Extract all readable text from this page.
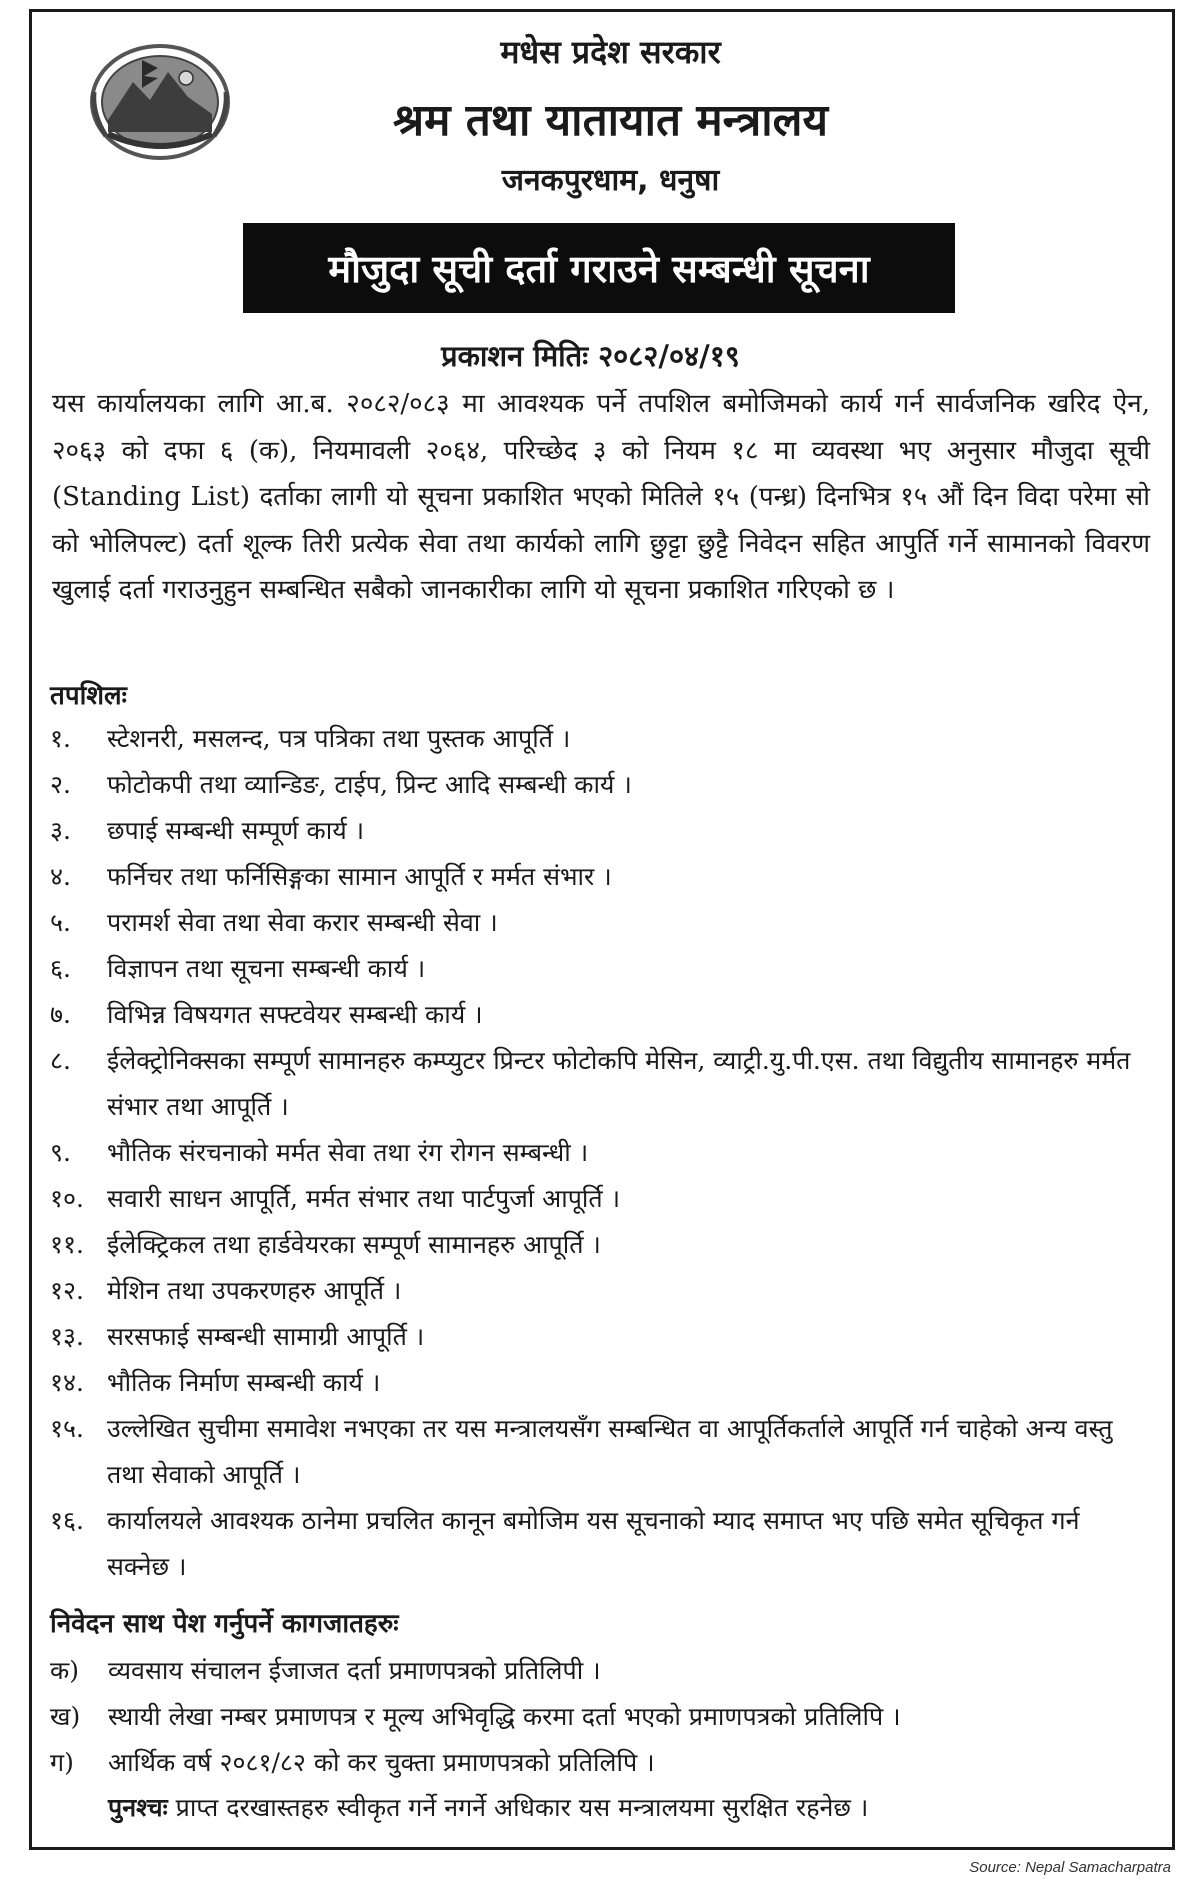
मधेस प्रदेश सरकार
श्रम तथा यातायात मन्त्रालय
जनकपुरधाम, धनुषा
मौजुदा सूची दर्ता गराउने सम्बन्धी सूचना
प्रकाशन मितिः २०८२/०४/१९
यस कार्यालयका लागि आ.ब. २०८२/०८३ मा आवश्यक पर्ने तपशिल बमोजिमको कार्य गर्न सार्वजनिक खरिद ऐन, २०६३ को दफा ६ (क), नियमावली २०६४, परिच्छेद ३ को नियम १८ मा व्यवस्था भए अनुसार मौजुदा सूची (Standing List) दर्ताका लागी यो सूचना प्रकाशित भएको मितिले १५ (पन्ध्र) दिनभित्र १५ औं दिन विदा परेमा सो को भोलिपल्ट) दर्ता शूल्क तिरी प्रत्येक सेवा तथा कार्यको लागि छुट्टा छुट्टै निवेदन सहित आपुर्ति गर्ने सामानको विवरण खुलाई दर्ता गराउनुहुन सम्बन्धित सबैको जानकारीका लागि यो सूचना प्रकाशित गरिएको छ ।
तपशिलः
१.	स्टेशनरी, मसलन्द, पत्र पत्रिका तथा पुस्तक आपूर्ति ।
२.	फोटोकपी तथा व्यान्डिङ, टाईप, प्रिन्ट आदि सम्बन्धी कार्य ।
३.	छपाई सम्बन्धी सम्पूर्ण कार्य ।
४.	फर्निचर तथा फर्निसिङ्गका सामान आपूर्ति र मर्मत संभार ।
५.	परामर्श सेवा तथा सेवा करार सम्बन्धी सेवा ।
६.	विज्ञापन तथा सूचना सम्बन्धी कार्य ।
७.	विभिन्न विषयगत सफ्टवेयर सम्बन्धी कार्य ।
८.	ईलेक्ट्रोनिक्सका सम्पूर्ण सामानहरु कम्प्युटर प्रिन्टर फोटोकपि मेसिन, व्याट्री.यु.पी.एस. तथा विद्युतीय सामानहरु मर्मत संभार तथा आपूर्ति ।
९.	भौतिक संरचनाको मर्मत सेवा तथा रंग रोगन सम्बन्धी ।
१०. सवारी साधन आपूर्ति, मर्मत संभार तथा पार्टपुर्जा आपूर्ति ।
११. ईलेक्ट्रिकल तथा हार्डवेयरका सम्पूर्ण सामानहरु आपूर्ति ।
१२. मेशिन तथा उपकरणहरु आपूर्ति ।
१३. सरसफाई सम्बन्धी सामाग्री आपूर्ति ।
१४. भौतिक निर्माण सम्बन्धी कार्य ।
१५. उल्लेखित सुचीमा समावेश नभएका तर यस मन्त्रालयसँग सम्बन्धित वा आपूर्तिकर्ताले आपूर्ति गर्न चाहेको अन्य वस्तु तथा सेवाको आपूर्ति ।
१६. कार्यालयले आवश्यक ठानेमा प्रचलित कानून बमोजिम यस सूचनाको म्याद समाप्त भए पछि समेत सूचिकृत गर्न सक्नेछ ।
निवेदन साथ पेश गर्नुपर्ने कागजातहरुः
क)	व्यवसाय संचालन ईजाजत दर्ता प्रमाणपत्रको प्रतिलिपी ।
ख)	स्थायी लेखा नम्बर प्रमाणपत्र र मूल्य अभिवृद्धि करमा दर्ता भएको प्रमाणपत्रको प्रतिलिपि ।
ग)	आर्थिक वर्ष २०८१/८२ को कर चुक्ता प्रमाणपत्रको प्रतिलिपि ।
पुनश्चः प्राप्त दरखास्तहरु स्वीकृत गर्ने नगर्ने अधिकार यस मन्त्रालयमा सुरक्षित रहनेछ ।
Source: Nepal Samacharpatra
